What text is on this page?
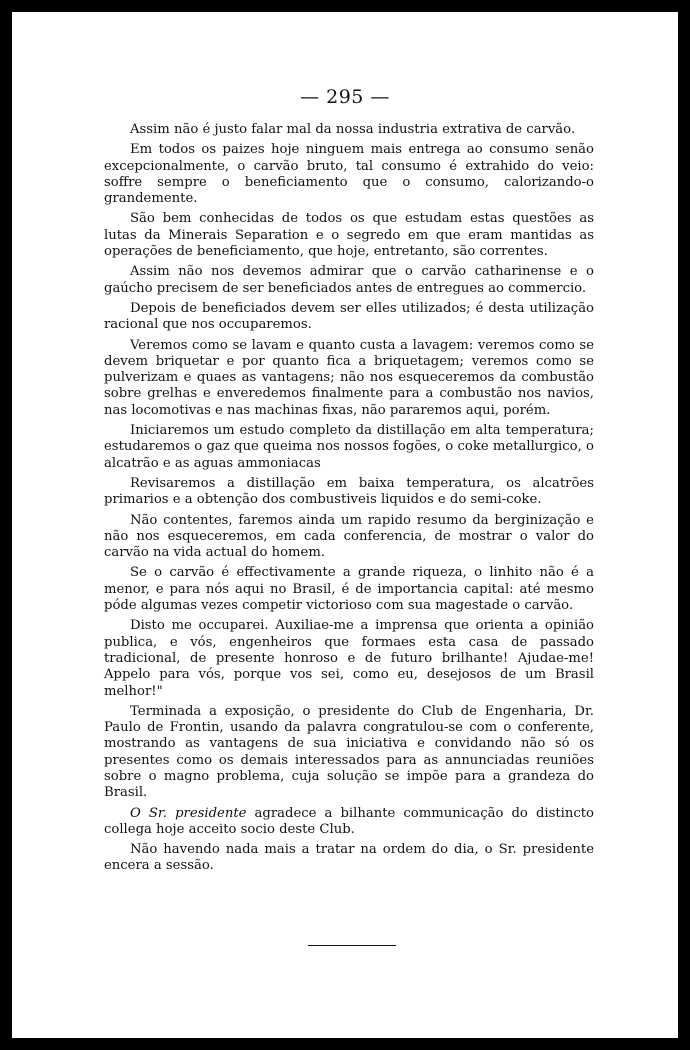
— 295 —

Assim não é justo falar mal da nossa industria extrativa de carvão.

Em todos os paizes hoje ninguem mais entrega ao consumo senão excepcionalmente, o carvão bruto, tal consumo é extrahido do veio: soffre sempre o beneficiamento que o consumo, calorizando-o grandemente.

São bem conhecidas de todos os que estudam estas questões as lutas da Minerais Separation e o segredo em que eram mantidas as operações de beneficiamento, que hoje, entretanto, são correntes.

Assim não nos devemos admirar que o carvão catharinense e o gaúcho precisem de ser beneficiados antes de entregues ao commercio.

Depois de beneficiados devem ser elles utilizados; é desta utilização racional que nos occuparemos.

Veremos como se lavam e quanto custa a lavagem: veremos como se devem briquetar e por quanto fica a briquetagem; veremos como se pulverizam e quaes as vantagens; não nos esqueceremos da combustão sobre grelhas e enveredemos finalmente para a combustão nos navios, nas locomotivas e nas machinas fixas, não pararemos aqui, porém.

Iniciaremos um estudo completo da distillação em alta temperatura; estudaremos o gaz que queima nos nossos fogões, o coke metallurgico, o alcatrão e as aguas ammoniacas

Revisaremos a distillação em baixa temperatura, os alcatrões primarios e a obtenção dos combustiveis liquidos e do semi-coke.

Não contentes, faremos ainda um rapido resumo da berginização e não nos esqueceremos, em cada conferencia, de mostrar o valor do carvão na vida actual do homem.

Se o carvão é effectivamente a grande riqueza, o linhito não é a menor, e para nós aqui no Brasil, é de importancia capital: até mesmo póde algumas vezes competir victorioso com sua magestade o carvão.

Disto me occuparei. Auxiliae-me a imprensa que orienta a opinião publica, e vós, engenheiros que formaes esta casa de passado tradicional, de presente honroso e de futuro brilhante! Ajudae-me! Appelo para vós, porque vos sei, como eu, desejosos de um Brasil melhor!"

Terminada a exposição, o presidente do Club de Engenharia, Dr. Paulo de Frontin, usando da palavra congratulou-se com o conferente, mostrando as vantagens de sua iniciativa e convidando não só os presentes como os demais interessados para as annunciadas reuniões sobre o magno problema, cuja solução se impõe para a grandeza do Brasil.

O Sr. presidente agradece a bilhante communicação do distincto collega hoje acceito socio deste Club.

Não havendo nada mais a tratar na ordem do dia, o Sr. presidente encera a sessão.
